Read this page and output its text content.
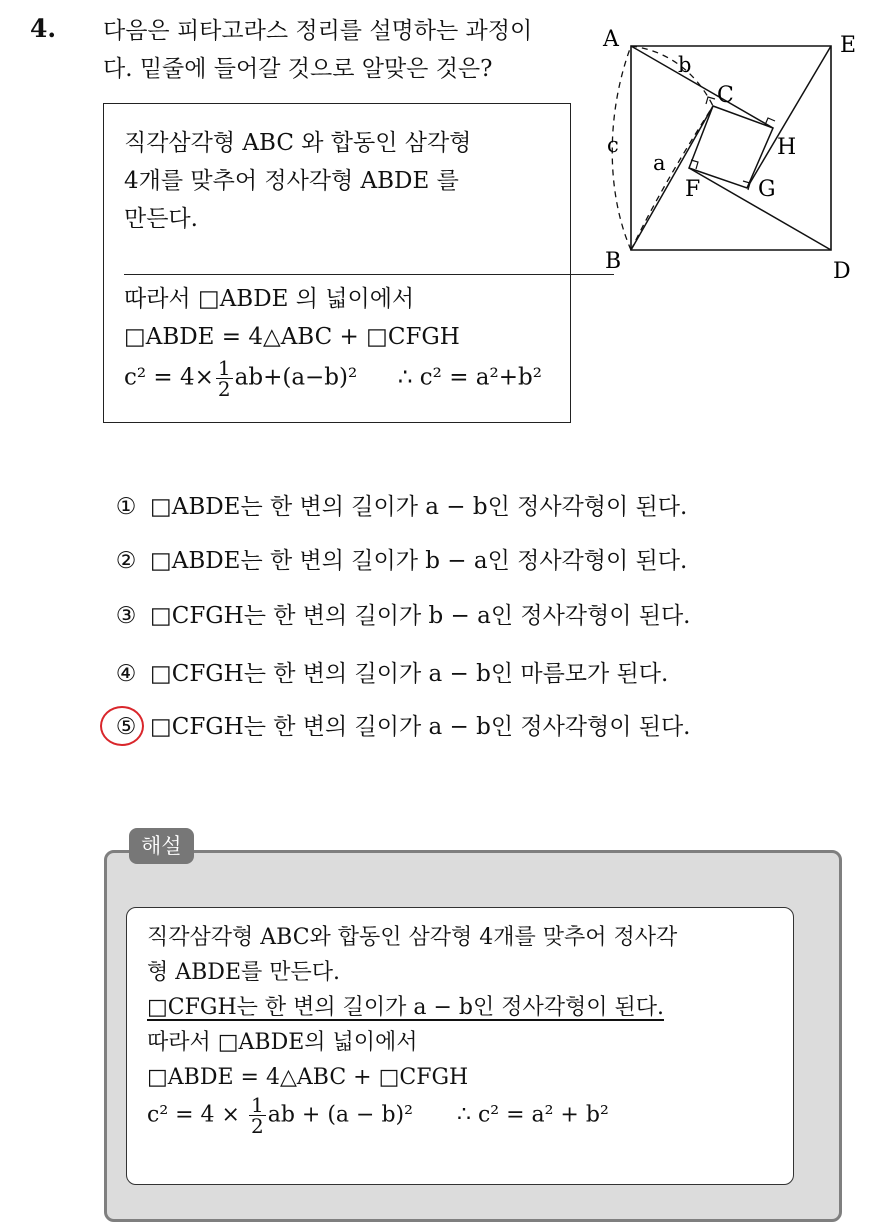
4. 다음은 피타고라스 정리를 설명하는 과정이
다. 밑줄에 들어갈 것으로 알맞은 것은?
직각삼각형 ABC 와 합동인 삼각형
4개를 맞추어 정사각형 ABDE 를
만든다.
따라서 □ABDE 의 넓이에서
□ABDE = 4△ABC + □CFGH
$c^2 = 4\times \frac{1}{2} ab+(a-b)^2$ ∴ c² = a²+b²
A	E
B	D
C
H
F	G
b
a
c
① □ABDE는 한 변의 길이가 a − b인 정사각형이 된다.
② □ABDE는 한 변의 길이가 b − a인 정사각형이 된다.
③ □CFGH는 한 변의 길이가 b − a인 정사각형이 된다.
④ □CFGH는 한 변의 길이가 a − b인 마름모가 된다.
⑤ □CFGH는 한 변의 길이가 a − b인 정사각형이 된다.
해설
직각삼각형 ABC와 합동인 삼각형 4개를 맞추어 정사각
형 ABDE를 만든다.
□CFGH는 한 변의 길이가 a − b인 정사각형이 된다.
따라서 □ABDE의 넓이에서
□ABDE = 4△ABC + □CFGH
$c^2 = 4 \times \frac{1}{2}$ ab + (a − b)² ∴ c² = a² + b²
